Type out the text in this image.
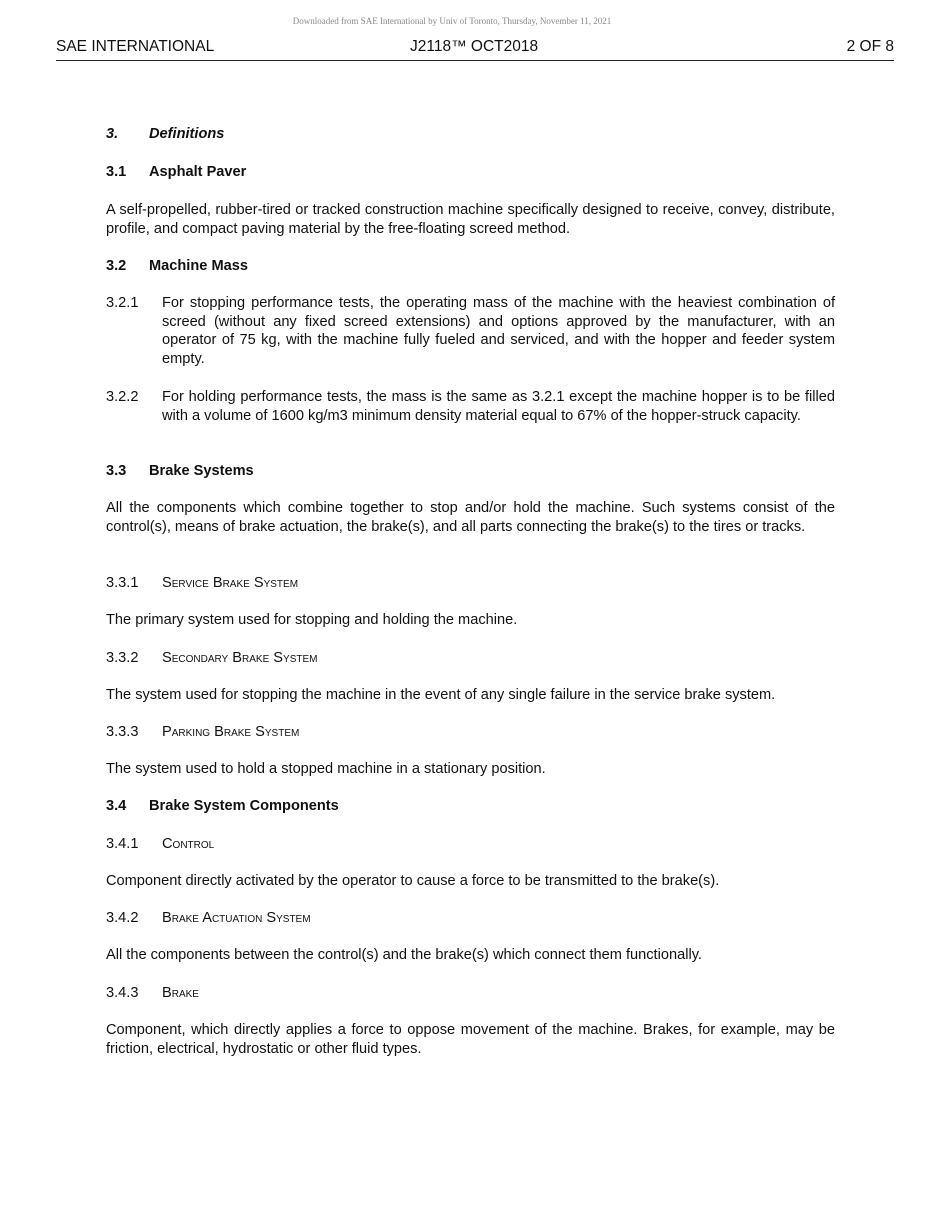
Downloaded from SAE International by Univ of Toronto, Thursday, November 11, 2021
SAE INTERNATIONAL	J2118™ OCT2018	2 OF 8
3. Definitions
3.1 Asphalt Paver
A self-propelled, rubber-tired or tracked construction machine specifically designed to receive, convey, distribute, profile, and compact paving material by the free-floating screed method.
3.2 Machine Mass
3.2.1	For stopping performance tests, the operating mass of the machine with the heaviest combination of screed (without any fixed screed extensions) and options approved by the manufacturer, with an operator of 75 kg, with the machine fully fueled and serviced, and with the hopper and feeder system empty.
3.2.2	For holding performance tests, the mass is the same as 3.2.1 except the machine hopper is to be filled with a volume of 1600 kg/m3 minimum density material equal to 67% of the hopper-struck capacity.
3.3 Brake Systems
All the components which combine together to stop and/or hold the machine. Such systems consist of the control(s), means of brake actuation, the brake(s), and all parts connecting the brake(s) to the tires or tracks.
3.3.1 Service Brake System
The primary system used for stopping and holding the machine.
3.3.2 Secondary Brake System
The system used for stopping the machine in the event of any single failure in the service brake system.
3.3.3 Parking Brake System
The system used to hold a stopped machine in a stationary position.
3.4 Brake System Components
3.4.1 Control
Component directly activated by the operator to cause a force to be transmitted to the brake(s).
3.4.2 Brake Actuation System
All the components between the control(s) and the brake(s) which connect them functionally.
3.4.3 Brake
Component, which directly applies a force to oppose movement of the machine. Brakes, for example, may be friction, electrical, hydrostatic or other fluid types.
